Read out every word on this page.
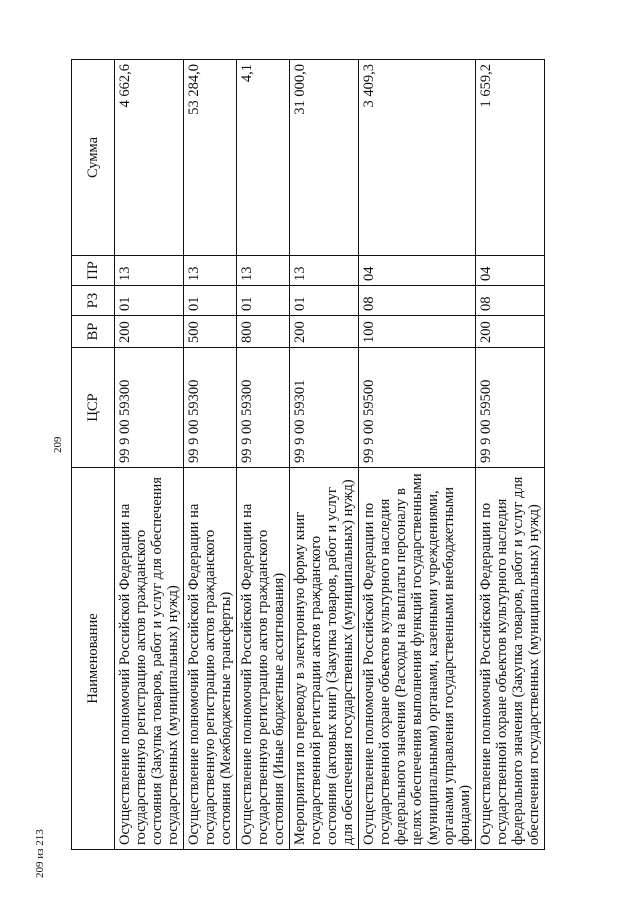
209
209 из 213
Наименование	ЦСР	ВР	РЗ	ПР	Сумма
Осуществление полномочий Российской Федерации на государственную регистрацию актов гражданского состояния (Закупка товаров, работ и услуг для обеспечения государственных (муниципальных) нужд)	99 9 00 59300	200	01	13	4 662,6
Осуществление полномочий Российской Федерации на государственную регистрацию актов гражданского состояния (Межбюджетные трансферты)	99 9 00 59300	500	01	13	53 284,0
Осуществление полномочий Российской Федерации на государственную регистрацию актов гражданского состояния (Иные бюджетные ассигнования)	99 9 00 59300	800	01	13	4,1
Мероприятия по переводу в электронную форму книг государственной регистрации актов гражданского состояния (актовых книг) (Закупка товаров, работ и услуг для обеспечения государственных (муниципальных) нужд)	99 9 00 59301	200	01	13	31 000,0
Осуществление полномочий Российской Федерации по государственной охране объектов культурного наследия федерального значения (Расходы на выплаты персоналу в целях обеспечения выполнения функций государственными (муниципальными) органами, казенными учреждениями, органами управления государственными внебюджетными фондами)	99 9 00 59500	100	08	04	3 409,3
Осуществление полномочий Российской Федерации по государственной охране объектов культурного наследия федерального значения (Закупка товаров, работ и услуг для обеспечения государственных (муниципальных) нужд)	99 9 00 59500	200	08	04	1 659,2
